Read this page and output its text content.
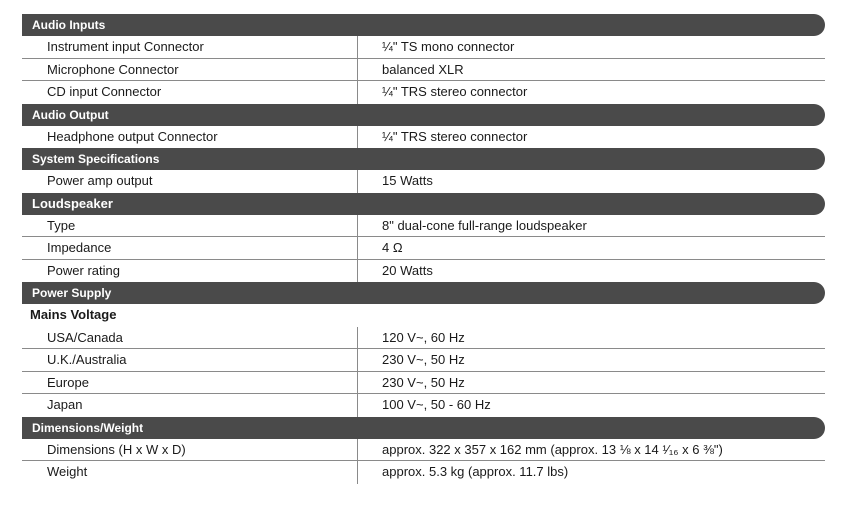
Audio Inputs
Instrument input Connector	¼" TS mono connector
Microphone Connector	balanced XLR
CD input Connector	¼" TRS stereo connector
Audio Output
Headphone output Connector	¼" TRS stereo connector
System Specifications
Power amp output	15 Watts
Loudspeaker
Type	8" dual-cone full-range loudspeaker
Impedance	4 Ω
Power rating	20 Watts
Power Supply
Mains Voltage
USA/Canada	120 V~, 60 Hz
U.K./Australia	230 V~, 50 Hz
Europe	230 V~, 50 Hz
Japan	100 V~, 50 - 60 Hz
Dimensions/Weight
Dimensions (H x W x D)	approx. 322 x 357 x 162 mm (approx. 13 ⅛ x 14 ¹⁄₁₆ x 6 ⅜")
Weight	approx. 5.3 kg (approx. 11.7 lbs)
